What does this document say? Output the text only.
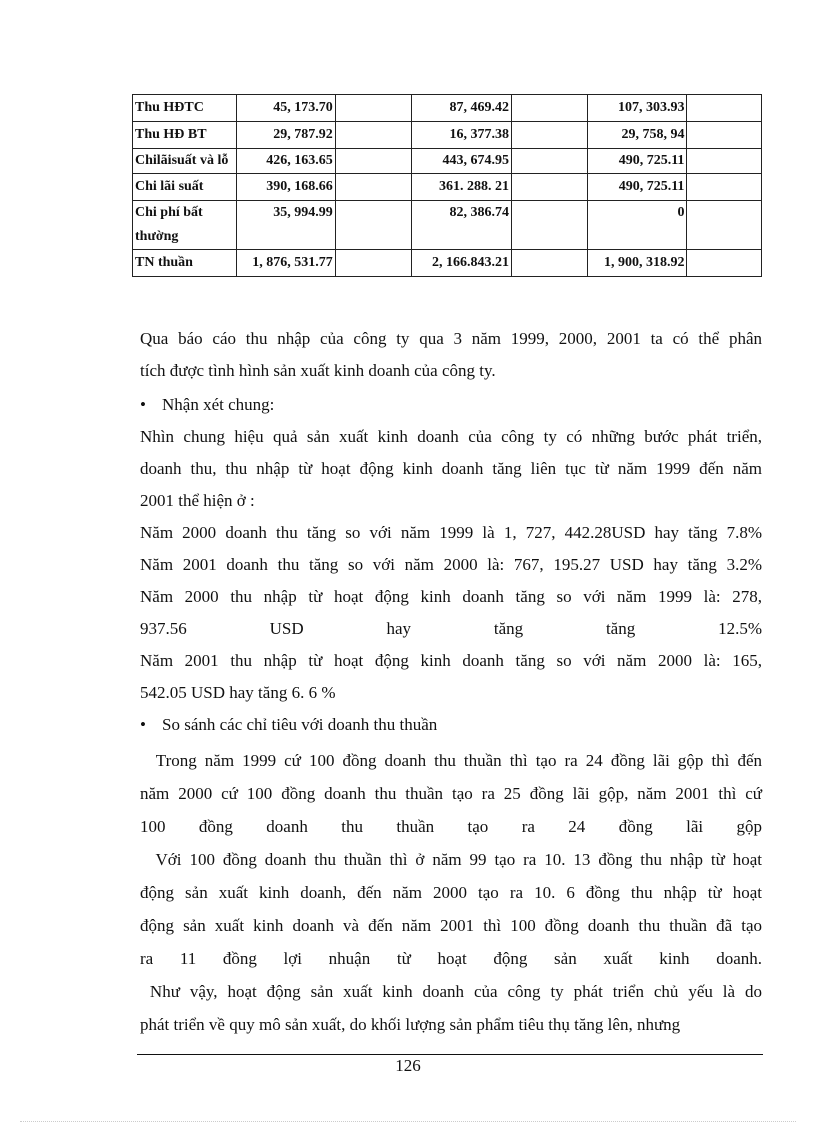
Thu HĐTC	45, 173.70		87, 469.42		107, 303.93	
Thu HĐ BT	29, 787.92		16, 377.38		29, 758, 94	
Chilãisuất và lỗ	426, 163.65		443, 674.95		490, 725.11	
Chi lãi suất	390, 168.66		361. 288. 21		490, 725.11	
Chi phí bất thường	35, 994.99		82, 386.74		0	
TN thuần	1, 876, 531.77		2, 166.843.21		1, 900, 318.92	

Qua báo cáo thu nhập của công ty qua 3 năm 1999, 2000, 2001 ta có thể phân
tích được tình hình sản xuất kinh doanh của công ty.

• Nhận xét chung:

Nhìn chung hiệu quả sản xuất kinh doanh của công ty có những bước phát triển,
doanh thu, thu nhập từ hoạt động kinh doanh tăng liên tục từ năm 1999 đến năm
2001 thể hiện ở :
Năm 2000 doanh thu tăng so với năm 1999 là 1, 727, 442.28USD hay tăng 7.8%
Năm 2001 doanh thu tăng so với năm 2000 là: 767, 195.27 USD hay tăng 3.2%
Năm 2000 thu nhập từ hoạt động kinh doanh tăng so với năm 1999 là: 278,
937.56 USD hay tăng tăng 12.5%
Năm 2001 thu nhập từ hoạt động kinh doanh tăng so với năm 2000 là: 165,
542.05 USD hay tăng 6. 6 %

• So sánh các chỉ tiêu với doanh thu thuần

Trong năm 1999 cứ 100 đồng doanh thu thuần thì tạo ra 24 đồng lãi gộp thì đến
năm 2000 cứ 100 đồng doanh thu thuần tạo ra 25 đồng lãi gộp, năm 2001 thì cứ
100 đồng doanh thu thuần tạo ra 24 đồng lãi gộp
Với 100 đồng doanh thu thuần thì ở năm 99 tạo ra 10. 13 đồng thu nhập từ hoạt
động sản xuất kinh doanh, đến năm 2000 tạo ra 10. 6 đồng thu nhập từ hoạt
động sản xuất kinh doanh và đến năm 2001 thì 100 đồng doanh thu thuần đã tạo
ra 11 đồng lợi nhuận từ hoạt động sản xuất kinh doanh.
Như vậy, hoạt động sản xuất kinh doanh của công ty phát triển chủ yếu là do
phát triển về quy mô sản xuất, do khối lượng sản phẩm tiêu thụ tăng lên, nhưng

126
